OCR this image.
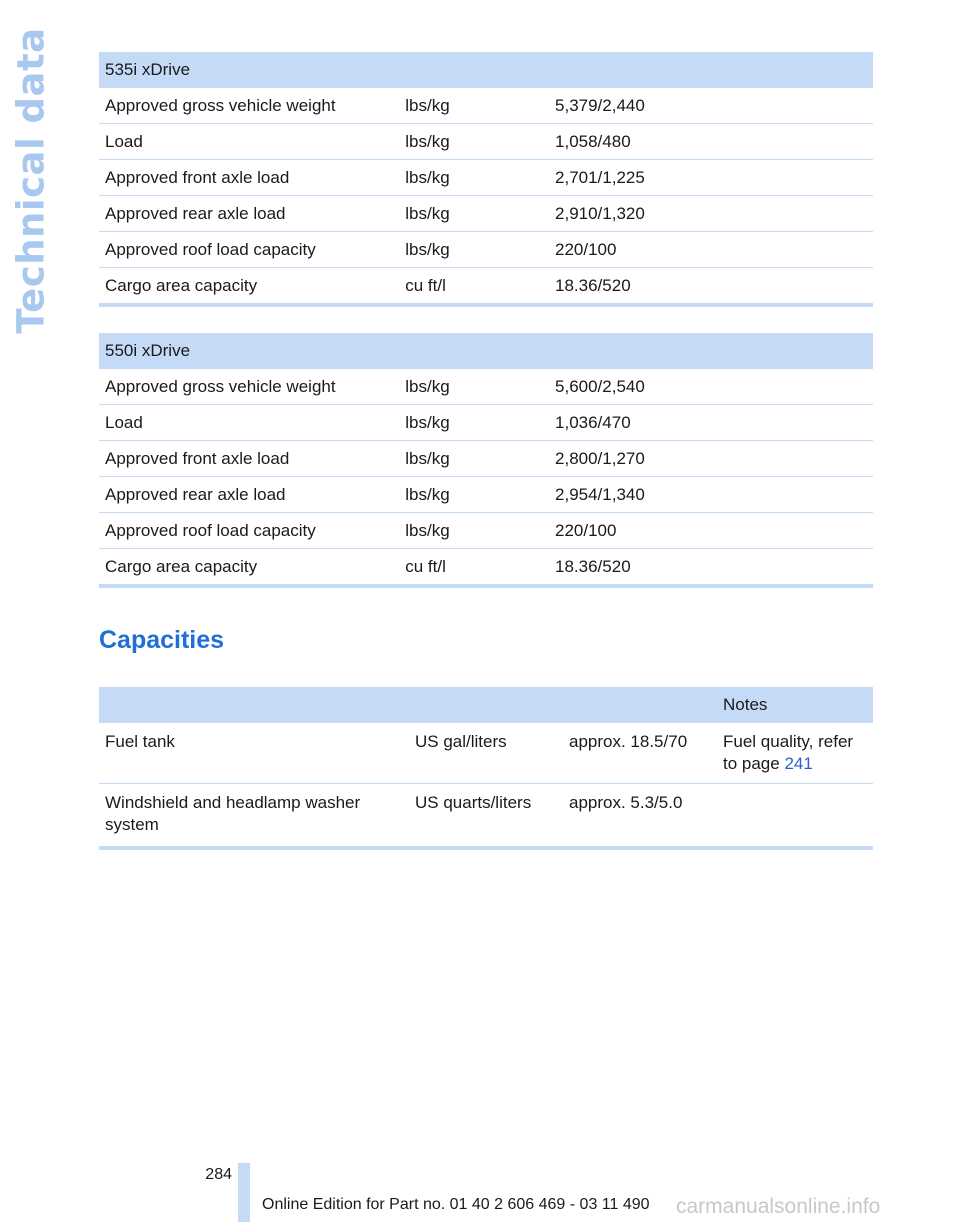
Technical data	535i xDrive		
Approved gross vehicle weight	lbs/kg	5,379/2,440
Load	lbs/kg	1,058/480
Approved front axle load	lbs/kg	2,701/1,225
Approved rear axle load	lbs/kg	2,910/1,320
Approved roof load capacity	lbs/kg	220/100
Cargo area capacity	cu ft/l	18.36/520
550i xDrive		
Approved gross vehicle weight	lbs/kg	5,600/2,540
Load	lbs/kg	1,036/470
Approved front axle load	lbs/kg	2,800/1,270
Approved rear axle load	lbs/kg	2,954/1,340
Approved roof load capacity	lbs/kg	220/100
Cargo area capacity	cu ft/l	18.36/520
Capacities
			Notes
Fuel tank	US gal/liters	approx. 18.5/70	Fuel quality, refer to page 241
Windshield and headlamp washer system	US quarts/liters	approx. 5.3/5.0	
284
Online Edition for Part no. 01 40 2 606 469 - 03 11 490 carmanualsonline.info
